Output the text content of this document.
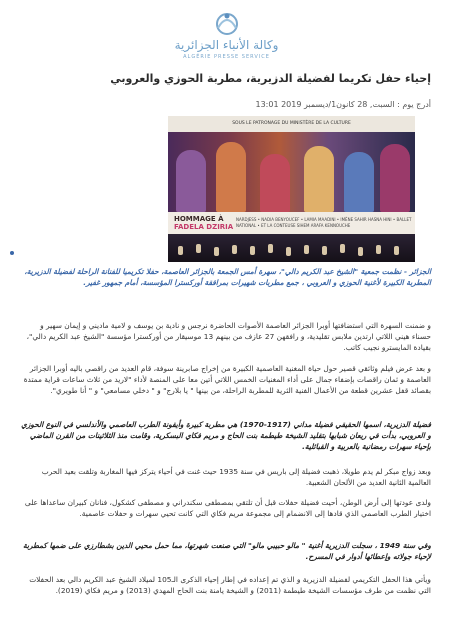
وكالة الأنباء الجزائرية
ALGÉRIE PRESSE SERVICE
إحياء حفل تكريما لفضيلة الدزيرية، مطربة الحوزي والعروبي
أدرج يوم : السبت, 28 كانون1/ديسمبر 2019 13:01
SOUS LE PATRONAGE DU MINISTÈRE DE LA CULTURE
HOMMAGE À
FADELA DZIRIA
NARDJESS • NADIA BENYOUCEF • LAMIA MAADINI • IMÈNE SAHIR HASNA HINI • BALLET NATIONAL • ET LA CONTEUSE SIHEM ARAFA KENNOUCHE
الجزائر - نظمت جمعية "الشيخ عبد الكريم دالي"، سهرة أمس الجمعة بالجزائر العاصمة، حفلا تكريميا للفنانة الراحلة لفضيلة الدزيرية، المطربة الكبيرة لأغنية الحوزي و العروبي ، جمع مطربات شهيرات بمرافقة أوركسترا المؤسسة، أمام جمهور غفير.
و ضمنت السهرة التي استضافتها أوبرا الجزائر العاصمة الأصوات الحاضرة نرجس و نادية بن يوسف و لامية ماديني و إيمان سهير و حسناء هيني اللاتي ارتدين ملابس تقليدية، و رافقهن 27 عازف من بينهم 13 موسيقار من أوركسترا مؤسسة "الشيخ عبد الكريم دالي"، بقيادة المايسترو نجيب كاتب.
و بعد عرض فيلم وثائقي قصير حول حياة المغنية العاصمية الكبيرة من إخراج صابرينة سوفة، قام العديد من راقصي باليه أوبرا الجزائر العاصمة و ثمان راقصات بإضفاء جمال على أداء المغنيات الخمس اللاتي أتين معا على المنصة لأداء "لاريد من ثلاث ساعات قراية ممتدة بقصائد قفل عشرين قطعة من الأعمال الفنية الثرية للمطربة الراحلة، من بينها " يا بلارج" و " دخلي مسامعي" و " أنا طويري".
فضيلة الدزيرية، اسمها الحقيقي فضيلة مداني (1917-1970) هي مطربة كبيرة وأيقونة الطرب العاصمي والأندلسي في النوع الحوزي و العروبي، بدأت في ريعان شبابها بتقليد الشيخة طيطمة بنت الحاج و مريم فكاي البسكرية، وقامت منذ الثلاثينات من القرن الماضي بإحياء سهرات رمضانية بالعربية و القبائلية.
وبعد زواج مبكر لم يدم طويلا، ذهبت فضيلة إلى باريس في سنة 1935 حيث غنت في أحياء يتركز فيها المغاربة وتلقت بعيد الحرب العالمية الثانية العديد من الألحان الشعبية.
ولدى عودتها إلى أرض الوطن، أحيت فضيلة حفلات قبل أن تلتقي بمصطفى سكندراني و مصطفى كشكول، فنانان كبيران ساعداها على اختيار الطرب العاصمي الذي قادها إلى الانضمام إلى مجموعة مريم فكاي التي كانت تحيي سهرات و حفلات عاصمية.
وفي سنة 1949 ، سجلت الدزيرية أغنية " مالو حبيبي مالو" التي صنعت شهرتها، مما حمل محيي الدين بشطارزي على ضمها كمطربة لإحياء جولاته وإعطائها أدوار في المسرح.
ويأتي هذا الحفل التكريمي لفضيلة الدزيرية و الذي تم إعداده في إطار إحياء الذكرى الـ105 لميلاد الشيخ عبد الكريم دالي بعد الحفلات التي نظمت من طرف مؤسسات الشيخة طيطمة (2011) و الشيخة يامنة بنت الحاج المهدي (2013) و مريم فكاي (2019).
